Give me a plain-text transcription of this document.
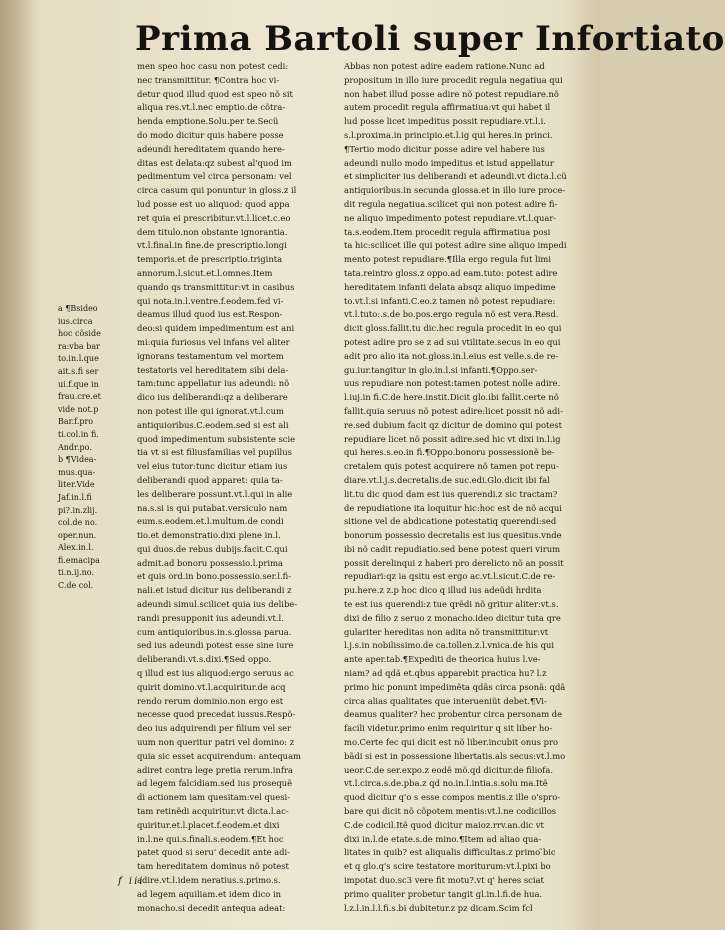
Prima Bartoli super Infortiato
a ¶Bsideo
ius.circa
hoc cõside
ra:vba bar
to.in.l.que
ait.s.fi ser
ui.f.que in
frau.cre.et
vide not.p
Bar.f.pro
ti.col.in fi.
Andr.po.
b ¶Videa-
mus.qua-
liter.Vide
Jaf.in.l.fi
pi?.in.zlij.
col.de no.
oper.nun.
Alex.in.l.
fi.emacipa
ti.n.ij.no.
C.de col.
men speo hoc casu non potest cedi:
nec transmittitur. ¶Contra hoc vi-
detur quod illud quod est speo nõ sit
aliqua res.vt.l.nec emptio.de cõtra-
henda emptione.Solu.per te.Secũ
do modo dicitur quis habere posse
adeundi hereditatem quando here-
ditas est delata:qz subest al'quod im
pedimentum vel circa personam: vel
circa casum qui ponuntur in gloss.z il
lud posse est uo aliquod: quod appa
ret quia ei prescribitur.vt.l.licet.c.eo
dem titulo.non obstante ignorantia.
vt.l.final.in fine.de prescriptio.longi
temporis.et de prescriptio.triginta
annorum.l.sicut.et.l.omnes.Item
quando qs transmittitur:vt in casibus
qui nota.in.l.ventre.f.eodem.fed vi-
deamus illud quod ius est.Respon-
deo:si quidem impedimentum est ani
mi:quia furiosus vel infans vel aliter
ignorans testamentum vel mortem
testatoris vel hereditatem sibi dela-
tam:tunc appellatur ius adeundi: nõ
dico ius deliberandi:qz a deliberare
non potest ille qui ignorat.vt.l.cum
antiquioribus.C.eodem.sed si est ali
quod impedimentum subsistente scie
tia vt si est filiusfamilias vel pupillus
vel eius tutor:tunc dicitur etiam ius
deliberandi quod apparet: quia ta-
les deliberare possunt.vt.l.qui in alie
na.s.si is qui putabat.versiculo nam
eum.s.eodem.et.l.multum.de condi
tio.et demonstratio.dixi plene in.l.
qui duos.de rebus dubijs.facit.C.qui
admit.ad bonoru possessio.l.prima
et quis ord.in bono.possessio.ser.l.fi-
nali.et istud dicitur ius deliberandi z
adeundi simul.scilicet quia ius delibe-
randi presupponit ius adeundi.vt.l.
cum antiquioribus.in.s.glossa parua.
sed ius adeundi potest esse sine iure
deliberandi.vt.s.dixi.¶Sed oppo.
q illud est ius aliquod:ergo seruus ac
quirit domino.vt.l.acquiritur.de acq
rendo rerum dominio.non ergo est
necesse quod precedat iussus.Respõ-
deo ius adquirendi per filium vel ser
uum non queritur patri vel domino: z
quia sic esset acquirendum: antequam
adiret contra lege pretia rerum.infra
ad legem falcidiam.sed ius prosequẽ
di actionem iam quesitam:vel quesi-
tam retinẽdi acquiritur.vt dicta.l.ac-
quiritur.et.l.placet.f.eodem.et dixi
in.l.ne qui.s.finali.s.eodem.¶Et hoc
patet quod si seru' decedit ante adi-
tam hereditatem dominus nõ potest
adire.vt.l.idem neratius.s.primo.s.
ad legem aquiliam.et idem dico in
monacho.si decedit antequa adeat:
Abbas non potest adire eadem ratione.Nunc ad
propositum in illo iure procedit regula negatiua qui
non habet illud posse adire nõ potest repudiare.nõ
autem procedit regula affirmatiua:vt qui habet il
lud posse licet impeditus possit repudiare.vt.l.i.
s.l.proxima.in principio.et.l.ig qui heres.in princi.
¶Tertio modo dicitur posse adire vel habere ius
adeundi nullo modo impeditus et istud appellatur
et simpliciter ius deliberandi et adeundi.vt dicta.l.cũ
antiquioribus.in secunda glossa.et in illo iure proce-
dit regula negatiua.scilicet qui non potest adire fi-
ne aliquo impedimento potest repudiare.vt.l.quar-
ta.s.eodem.Item procedit regula affirmatiua posi
ta hic:scilicet ille qui potest adire sine aliquo impedi
mento potest repudiare.¶Illa ergo regula fut limi
tata.reintro gloss.z oppo.ad eam.tuto: potest adire
hereditatem infanti delata absqz aliquo impedime
to.vt.l.si infanti.C.eo.z tamen nõ potest repudiare:
vt.l.tuto:.s.de bo.pos.ergo regula nõ est vera.Resd.
dicit gloss.fallit.tu dic.hec regula procedit in eo qui
potest adire pro se z ad sui vtilitate.secus in eo qui
adit pro alio ita not.gloss.in.l.eius est velle.s.de re-
gu.iur.tangitur in glo.in.l.si infanti.¶Oppo.ser-
uus repudiare non potest:tamen potest nolle adire.
l.iuj.in fi.C.de here.instit.Dicit glo.ibi fallit.certe nõ
fallit.quia seruus nõ potest adire:licet possit nõ adi-
re.sed dubium facit qz dicitur de domino qui potest
repudiare licet nõ possit adire.sed hic vt dixi in.l.ig
qui heres.s.eo.in fi.¶Oppo.bonoru possessionẽ be-
cretalem quis potest acquirere nõ tamen pot repu-
diare.vt.l.j.s.decretalis.de suc.edi.Glo.dicit ibi fal
lit.tu dic quod dam est ius querendi.z sic tractam?
de repudiatione ita loquitur hic:hoc est de nõ acqui
sitione vel de abdicatione potestatiq querendi:sed
bonorum possessio decretalis est ius quesitus.vnde
ibi nõ cadit repudiatio.sed bene potest queri virum
possit derelinqui z haberi pro derelicto nõ an possit
repudiari:qz ia qsitu est ergo ac.vt.l.sicut.C.de re-
pu.here.z z.p hoc dico q illud ius adeũdi hrdita
te est ius querendi:z tue qrẽdi nõ gritur aliter:vt.s.
dixi de filio z seruo z monacho.ideo dicitur tuta qre
gulariter hereditas non adita nõ transmittitur:vt
l.j.s.in nobilissimo.de ca.tollen.z.l.vnica.de his qui
ante aper.tab.¶Expediti de theorica huius l.ve-
niam? ad qdã et.qbus apparebit practica hu? l.z
primo hic ponunt impedimẽta qdãs circa psonã: qdã
circa alias qualitates que interueniũt debet.¶Vi-
deamus qualiter? hec probentur circa personam de
facili videtur.primo enim requiritur q sit liber ho-
mo.Certe fec qui dicit est nõ liber.incubit onus pro
bãdi si est in possessione libertatis.als secus:vt.l.mo
ueor.C.de ser.expo.z eodẽ mõ.qd dicitur.de filiofa.
vt.l.circa.s.de.pba.z qd no.in.l.intia.s.solu ma.Itẽ
quod dicitur q'o s esse compos mentis.z ille o'spro-
bare qui dicit nõ cõpotem mentis:vt.l.ne codicillos
C.de codicil.Itẽ quod dicitur maioz.rrv.an.dic vt
dixi in.l.de etate.s.de mino.¶Item ad aliao qua-
litates in quib? est aliqualis difficultas.z primo ̃bic
et q glo.q's scire testatore moriturum:vt.l.pixi bo
impotat duo.sc3 vere fit motu?.vt q' heres sciat
primo qualiter probetur tangit gl.in.l.fi.de hua.
l.z.l.in.l.l.fi.s.bi dubitetur.z pz dicam.Scim fcl
f iii
